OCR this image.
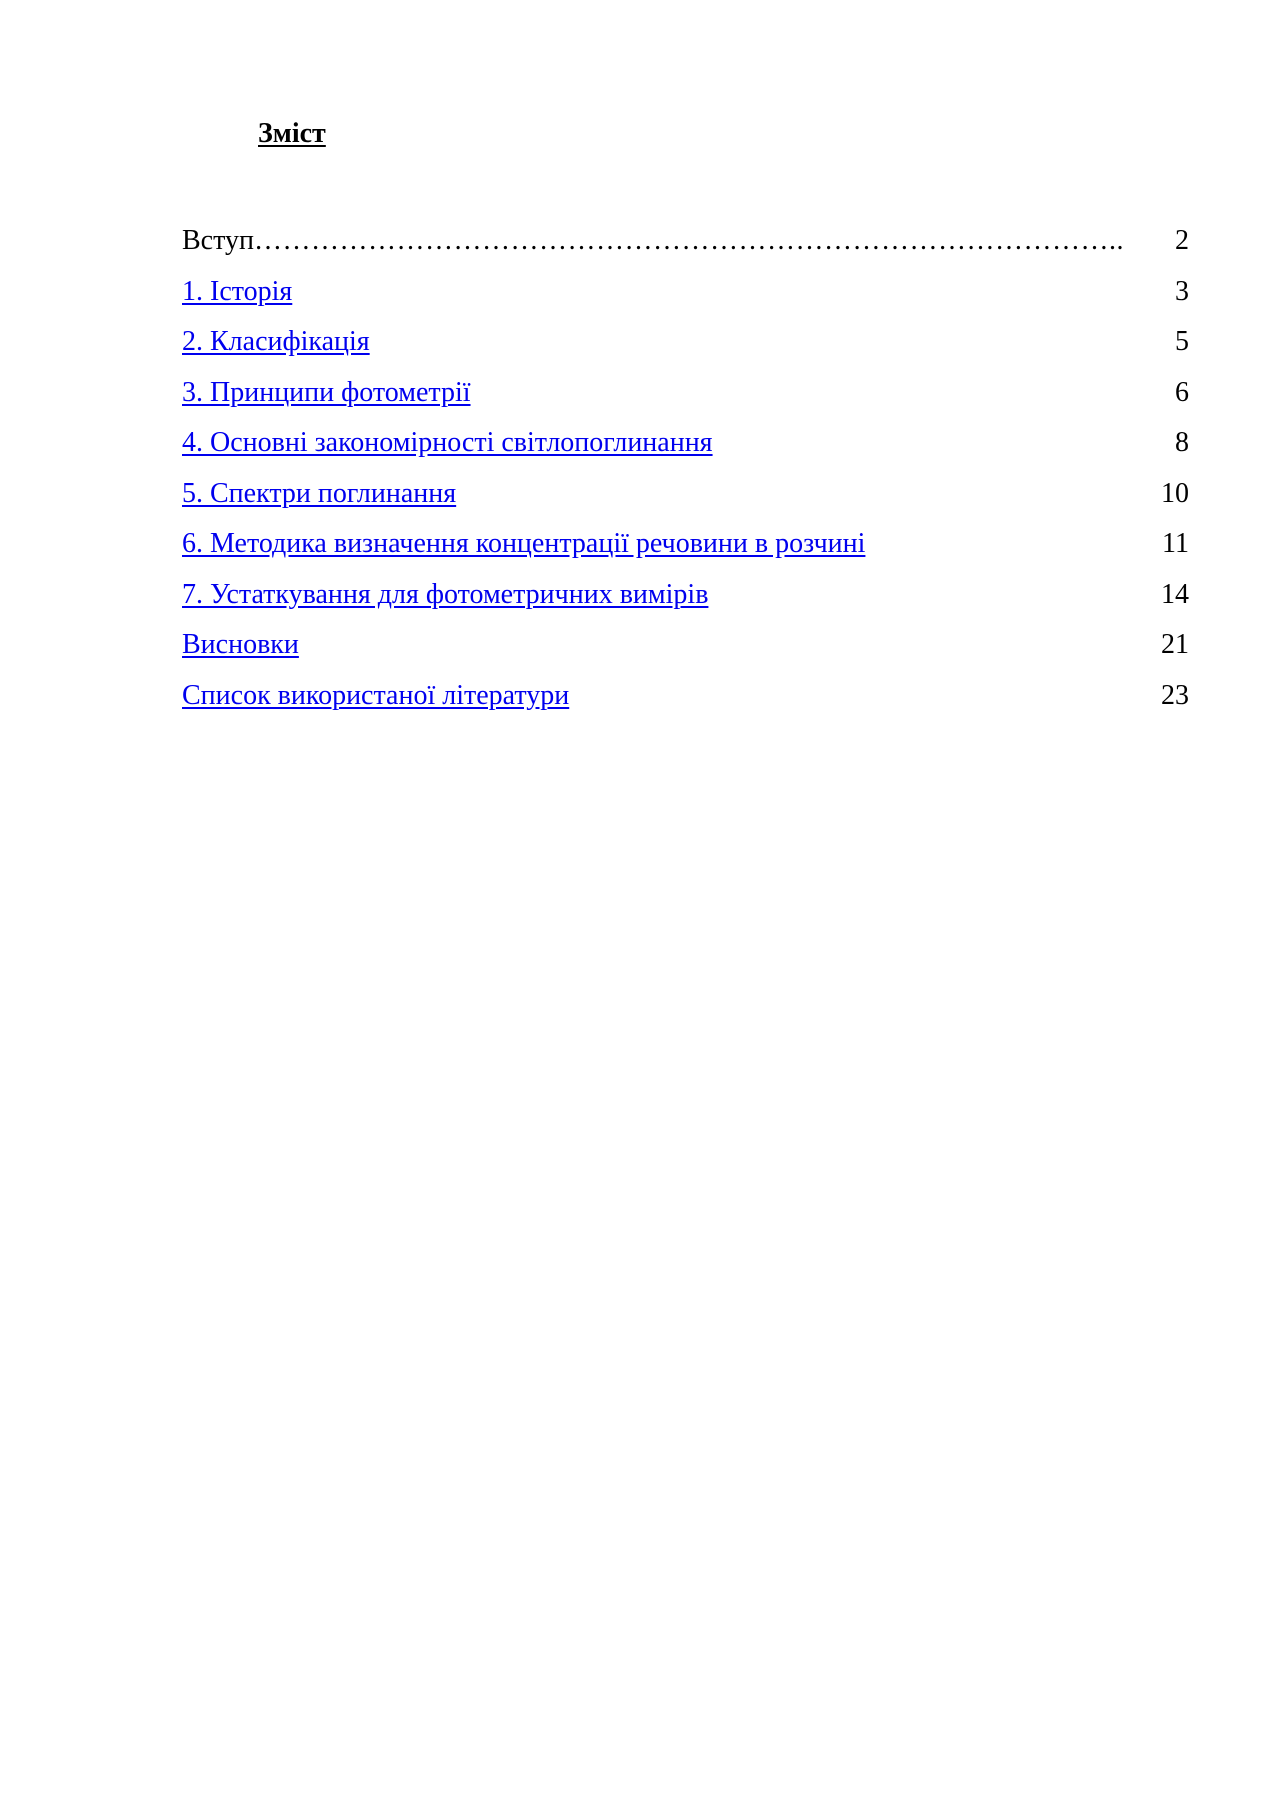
Зміст
Вступ ………………………………………………………………………………..	2
1. Історія	3
2. Класифікація	5
3. Принципи фотометрії	6
4. Основні закономірності світлопоглинання	8
5. Спектри поглинання	10
6. Методика визначення концентрації речовини в розчині	11
7. Устаткування для фотометричних вимірів	14
Висновки	21
Список використаної літератури	23
